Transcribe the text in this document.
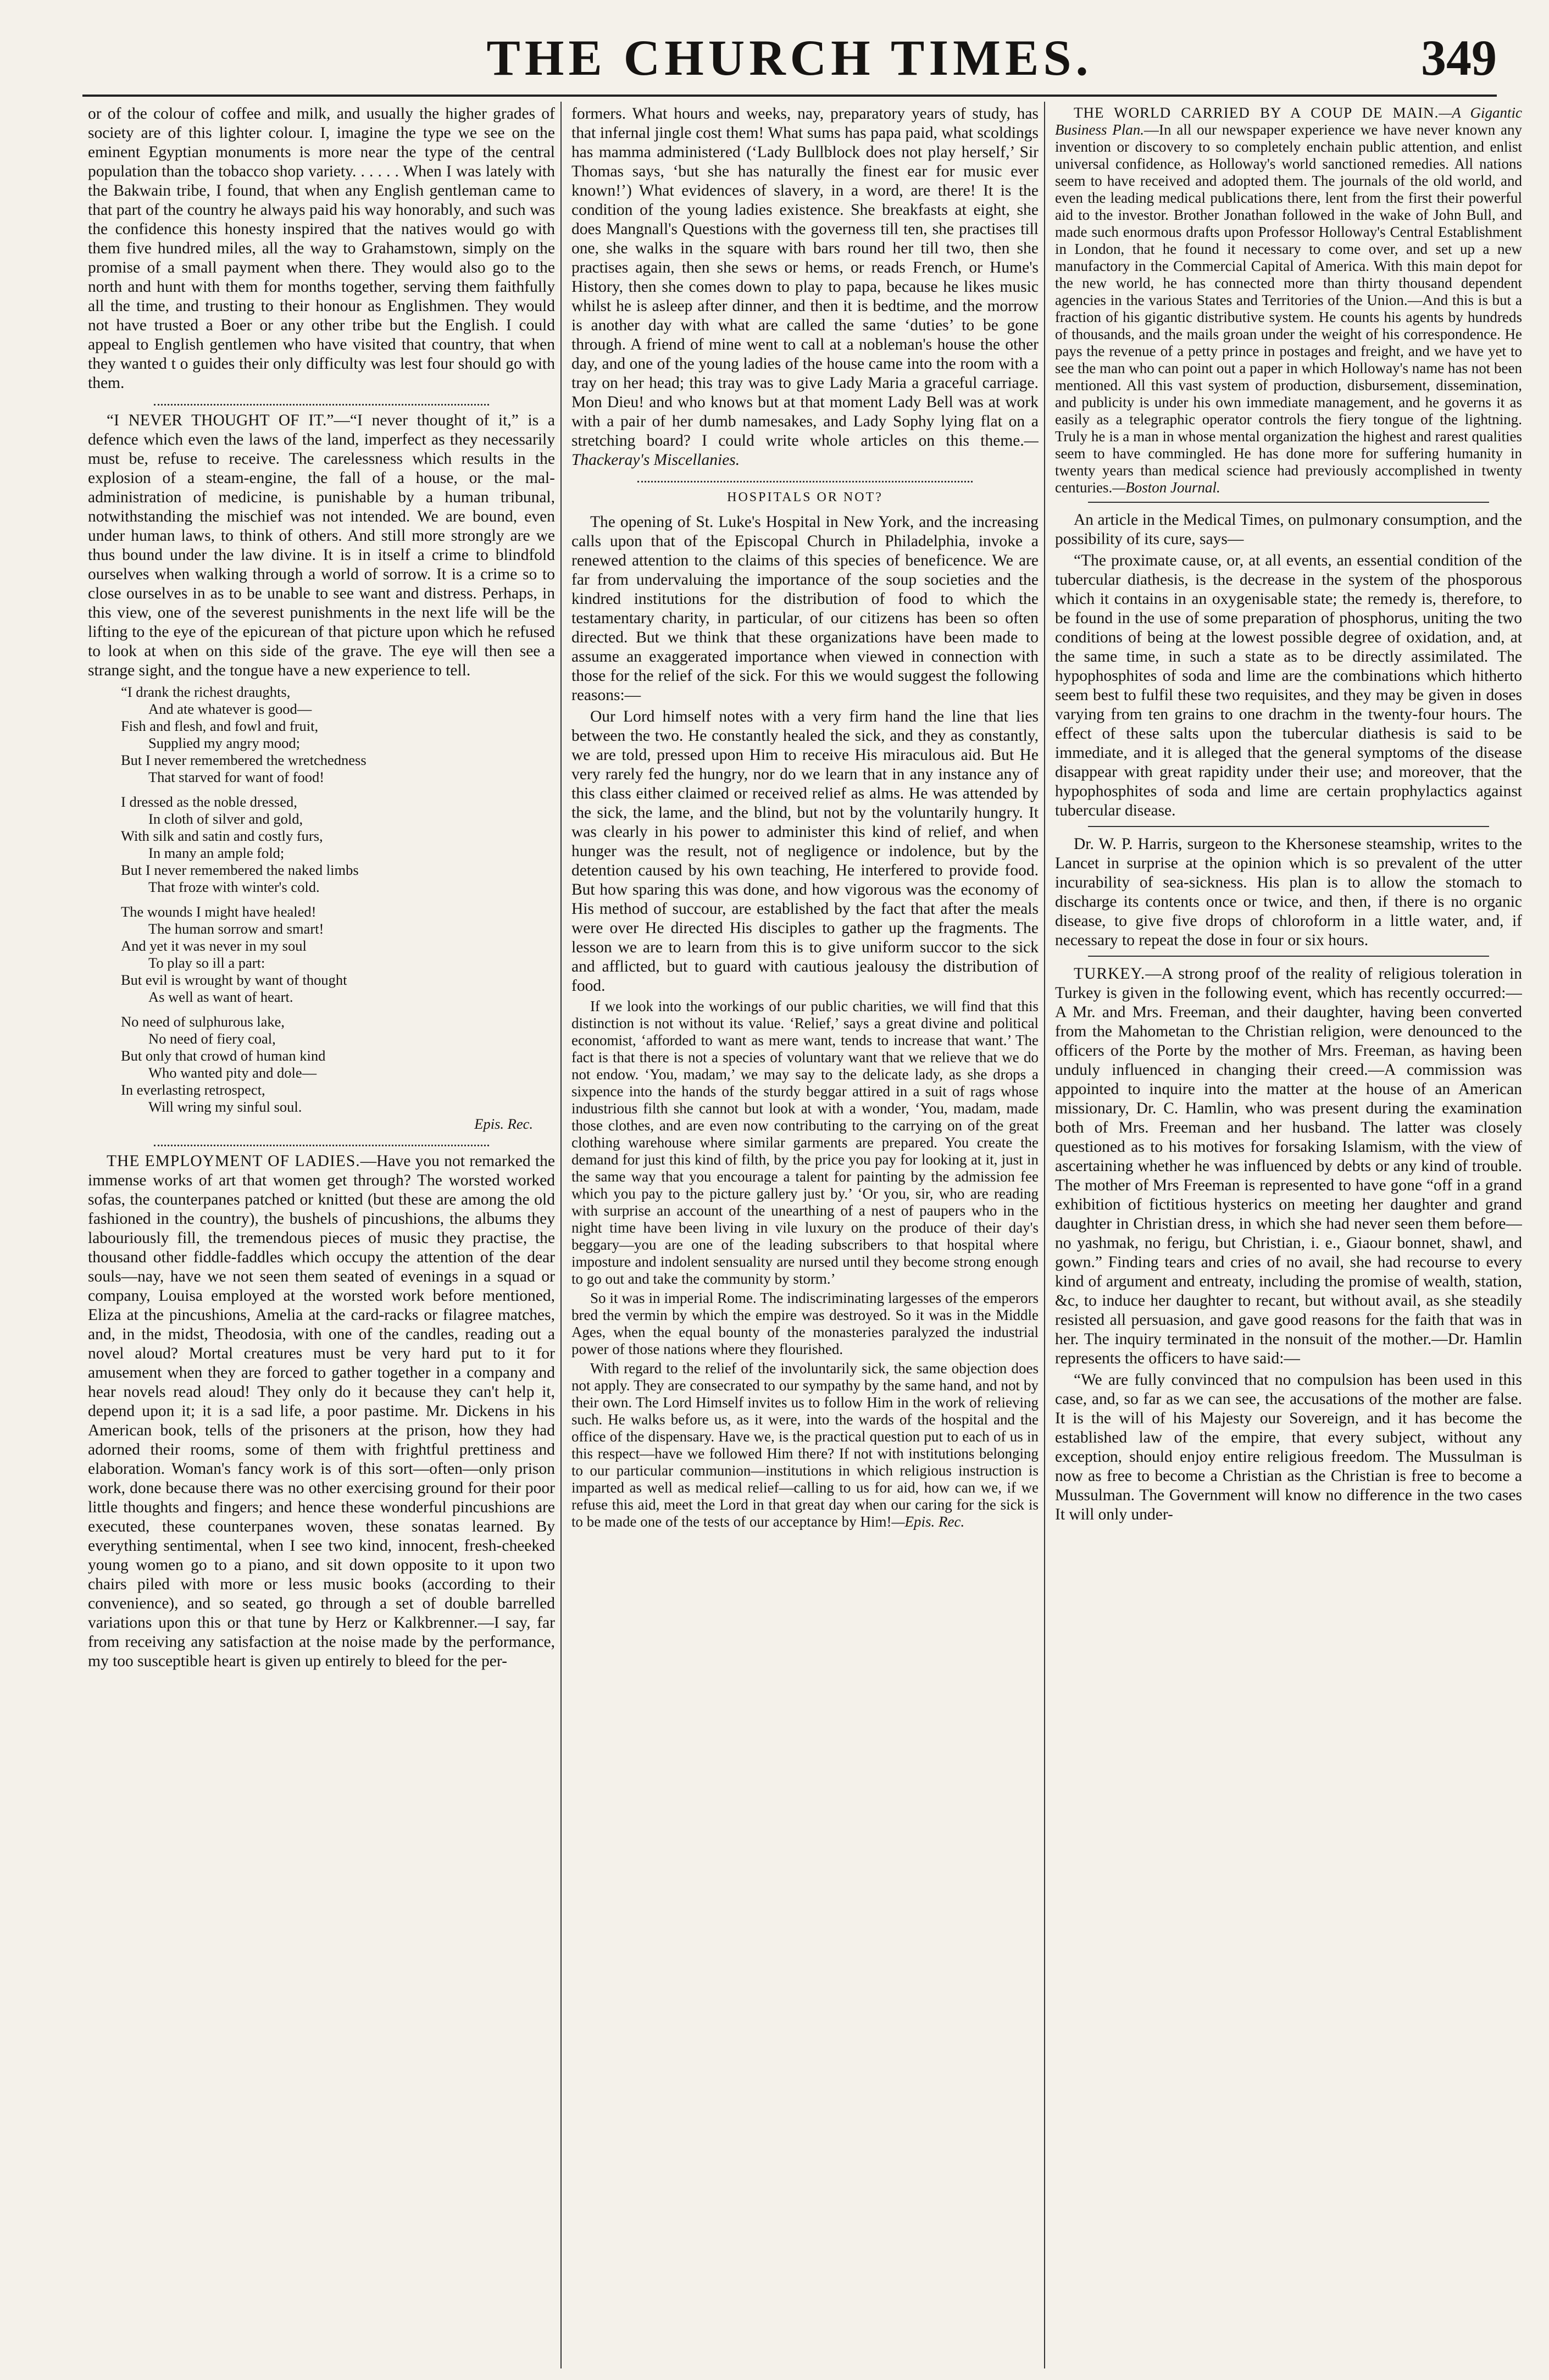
THE CHURCH TIMES.	349

or of the colour of coffee and milk, and usually the higher grades of society are of this lighter colour. I, imagine the type we see on the eminent Egyptian monuments is more near the type of the central population than the tobacco shop variety. . . . . . When I was lately with the Bakwain tribe, I found, that when any English gentleman came to that part of the country he always paid his way honorably, and such was the confidence this honesty inspired that the natives would go with them five hundred miles, all the way to Grahamstown, simply on the promise of a small payment when there. They would also go to the north and hunt with them for months together, serving them faithfully all the time, and trusting to their honour as Englishmen. They would not have trusted a Boer or any other tribe but the English. I could appeal to English gentlemen who have visited that country, that when they wanted t o guides their only difficulty was lest four should go with them.

“I NEVER THOUGHT OF IT.”—“I never thought of it,” is a defence which even the laws of the land, imperfect as they necessarily must be, refuse to receive. The carelessness which results in the explosion of a steam-engine, the fall of a house, or the mal-administration of medicine, is punishable by a human tribunal, notwithstanding the mischief was not intended. We are bound, even under human laws, to think of others. And still more strongly are we thus bound under the law divine. It is in itself a crime to blindfold ourselves when walking through a world of sorrow. It is a crime so to close ourselves in as to be unable to see want and distress. Perhaps, in this view, one of the severest punishments in the next life will be the lifting to the eye of the epicurean of that picture upon which he refused to look at when on this side of the grave. The eye will then see a strange sight, and the tongue have a new experience to tell.

“I drank the richest draughts,
And ate whatever is good—
Fish and flesh, and fowl and fruit,
Supplied my angry mood;
But I never remembered the wretchedness
That starved for want of food!
I dressed as the noble dressed,
In cloth of silver and gold,
With silk and satin and costly furs,
In many an ample fold;
But I never remembered the naked limbs
That froze with winter's cold.
The wounds I might have healed!
The human sorrow and smart!
And yet it was never in my soul
To play so ill a part:
But evil is wrought by want of thought
As well as want of heart.
No need of sulphurous lake,
No need of fiery coal,
But only that crowd of human kind
Who wanted pity and dole—
In everlasting retrospect,
Will wring my sinful soul.
Epis. Rec.

THE EMPLOYMENT OF LADIES.—Have you not remarked the immense works of art that women get through? The worsted worked sofas, the counterpanes patched or knitted (but these are among the old fashioned in the country), the bushels of pincushions, the albums they labouriously fill, the tremendous pieces of music they practise, the thousand other fiddle-faddles which occupy the attention of the dear souls—nay, have we not seen them seated of evenings in a squad or company, Louisa employed at the worsted work before mentioned, Eliza at the pincushions, Amelia at the card-racks or filagree matches, and, in the midst, Theodosia, with one of the candles, reading out a novel aloud? Mortal creatures must be very hard put to it for amusement when they are forced to gather together in a company and hear novels read aloud! They only do it because they can't help it, depend upon it; it is a sad life, a poor pastime. Mr. Dickens in his American book, tells of the prisoners at the prison, how they had adorned their rooms, some of them with frightful prettiness and elaboration. Woman's fancy work is of this sort—often—only prison work, done because there was no other exercising ground for their poor little thoughts and fingers; and hence these wonderful pincushions are executed, these counterpanes woven, these sonatas learned. By everything sentimental, when I see two kind, innocent, fresh-cheeked young women go to a piano, and sit down opposite to it upon two chairs piled with more or less music books (according to their convenience), and so seated, go through a set of double barrelled variations upon this or that tune by Herz or Kalkbrenner.—I say, far from receiving any satisfaction at the noise made by the performance, my too susceptible heart is given up entirely to bleed for the per-

formers. What hours and weeks, nay, preparatory years of study, has that infernal jingle cost them! What sums has papa paid, what scoldings has mamma administered (‘Lady Bullblock does not play herself,’ Sir Thomas says, ‘but she has naturally the finest ear for music ever known!’) What evidences of slavery, in a word, are there! It is the condition of the young ladies existence. She breakfasts at eight, she does Mangnall's Questions with the governess till ten, she practises till one, she walks in the square with bars round her till two, then she practises again, then she sews or hems, or reads French, or Hume's History, then she comes down to play to papa, because he likes music whilst he is asleep after dinner, and then it is bedtime, and the morrow is another day with what are called the same ‘duties’ to be gone through. A friend of mine went to call at a nobleman's house the other day, and one of the young ladies of the house came into the room with a tray on her head; this tray was to give Lady Maria a graceful carriage. Mon Dieu! and who knows but at that moment Lady Bell was at work with a pair of her dumb namesakes, and Lady Sophy lying flat on a stretching board? I could write whole articles on this theme.—Thackeray's Miscellanies.

HOSPITALS OR NOT?

The opening of St. Luke's Hospital in New York, and the increasing calls upon that of the Episcopal Church in Philadelphia, invoke a renewed attention to the claims of this species of beneficence. We are far from undervaluing the importance of the soup societies and the kindred institutions for the distribution of food to which the testamentary charity, in particular, of our citizens has been so often directed. But we think that these organizations have been made to assume an exaggerated importance when viewed in connection with those for the relief of the sick. For this we would suggest the following reasons:—

Our Lord himself notes with a very firm hand the line that lies between the two. He constantly healed the sick, and they as constantly, we are told, pressed upon Him to receive His miraculous aid. But He very rarely fed the hungry, nor do we learn that in any instance any of this class either claimed or received relief as alms. He was attended by the sick, the lame, and the blind, but not by the voluntarily hungry. It was clearly in his power to administer this kind of relief, and when hunger was the result, not of negligence or indolence, but by the detention caused by his own teaching, He interfered to provide food. But how sparing this was done, and how vigorous was the economy of His method of succour, are established by the fact that after the meals were over He directed His disciples to gather up the fragments. The lesson we are to learn from this is to give uniform succor to the sick and afflicted, but to guard with cautious jealousy the distribution of food.

If we look into the workings of our public charities, we will find that this distinction is not without its value. ‘Relief,’ says a great divine and political economist, ‘afforded to want as mere want, tends to increase that want.’ The fact is that there is not a species of voluntary want that we relieve that we do not endow. ‘You, madam,’ we may say to the delicate lady, as she drops a sixpence into the hands of the sturdy beggar attired in a suit of rags whose industrious filth she cannot but look at with a wonder, ‘You, madam, made those clothes, and are even now contributing to the carrying on of the great clothing warehouse where similar garments are prepared. You create the demand for just this kind of filth, by the price you pay for looking at it, just in the same way that you encourage a talent for painting by the admission fee which you pay to the picture gallery just by.’ ‘Or you, sir, who are reading with surprise an account of the unearthing of a nest of paupers who in the night time have been living in vile luxury on the produce of their day's beggary—you are one of the leading subscribers to that hospital where imposture and indolent sensuality are nursed until they become strong enough to go out and take the community by storm.’

So it was in imperial Rome. The indiscriminating largesses of the emperors bred the vermin by which the empire was destroyed. So it was in the Middle Ages, when the equal bounty of the monasteries paralyzed the industrial power of those nations where they flourished.

With regard to the relief of the involuntarily sick, the same objection does not apply. They are consecrated to our sympathy by the same hand, and not by their own. The Lord Himself invites us to follow Him in the work of relieving such. He walks before us, as it were, into the wards of the hospital and the office of the dispensary. Have we, is the practical question put to each of us in this respect—have we followed Him there? If not with institutions belonging to our particular communion—institutions in which religious instruction is imparted as well as medical relief—calling to us for aid, how can we, if we refuse this aid, meet the Lord in that great day when our caring for the sick is to be made one of the tests of our acceptance by Him!—Epis. Rec.

THE WORLD CARRIED BY A COUP DE MAIN.—A Gigantic Business Plan.—In all our newspaper experience we have never known any invention or discovery to so completely enchain public attention, and enlist universal confidence, as Holloway's world sanctioned remedies. All nations seem to have received and adopted them. The journals of the old world, and even the leading medical publications there, lent from the first their powerful aid to the investor. Brother Jonathan followed in the wake of John Bull, and made such enormous drafts upon Professor Holloway's Central Establishment in London, that he found it necessary to come over, and set up a new manufactory in the Commercial Capital of America. With this main depot for the new world, he has connected more than thirty thousand dependent agencies in the various States and Territories of the Union.—And this is but a fraction of his gigantic distributive system. He counts his agents by hundreds of thousands, and the mails groan under the weight of his correspondence. He pays the revenue of a petty prince in postages and freight, and we have yet to see the man who can point out a paper in which Holloway's name has not been mentioned. All this vast system of production, disbursement, dissemination, and publicity is under his own immediate management, and he governs it as easily as a telegraphic operator controls the fiery tongue of the lightning. Truly he is a man in whose mental organization the highest and rarest qualities seem to have commingled. He has done more for suffering humanity in twenty years than medical science had previously accomplished in twenty centuries.—Boston Journal.

An article in the Medical Times, on pulmonary consumption, and the possibility of its cure, says—

“The proximate cause, or, at all events, an essential condition of the tubercular diathesis, is the decrease in the system of the phosporous which it contains in an oxygenisable state; the remedy is, therefore, to be found in the use of some preparation of phosphorus, uniting the two conditions of being at the lowest possible degree of oxidation, and, at the same time, in such a state as to be directly assimilated. The hypophosphites of soda and lime are the combinations which hitherto seem best to fulfil these two requisites, and they may be given in doses varying from ten grains to one drachm in the twenty-four hours. The effect of these salts upon the tubercular diathesis is said to be immediate, and it is alleged that the general symptoms of the disease disappear with great rapidity under their use; and moreover, that the hypophosphites of soda and lime are certain prophylactics against tubercular disease.

Dr. W. P. Harris, surgeon to the Khersonese steamship, writes to the Lancet in surprise at the opinion which is so prevalent of the utter incurability of sea-sickness. His plan is to allow the stomach to discharge its contents once or twice, and then, if there is no organic disease, to give five drops of chloroform in a little water, and, if necessary to repeat the dose in four or six hours.

TURKEY.—A strong proof of the reality of religious toleration in Turkey is given in the following event, which has recently occurred:—A Mr. and Mrs. Freeman, and their daughter, having been converted from the Mahometan to the Christian religion, were denounced to the officers of the Porte by the mother of Mrs. Freeman, as having been unduly influenced in changing their creed.—A commission was appointed to inquire into the matter at the house of an American missionary, Dr. C. Hamlin, who was present during the examination both of Mrs. Freeman and her husband. The latter was closely questioned as to his motives for forsaking Islamism, with the view of ascertaining whether he was influenced by debts or any kind of trouble. The mother of Mrs Freeman is represented to have gone “off in a grand exhibition of fictitious hysterics on meeting her daughter and grand daughter in Christian dress, in which she had never seen them before—no yashmak, no ferigu, but Christian, i. e., Giaour bonnet, shawl, and gown.” Finding tears and cries of no avail, she had recourse to every kind of argument and entreaty, including the promise of wealth, station, &c, to induce her daughter to recant, but without avail, as she steadily resisted all persuasion, and gave good reasons for the faith that was in her. The inquiry terminated in the nonsuit of the mother.—Dr. Hamlin represents the officers to have said:—

“We are fully convinced that no compulsion has been used in this case, and, so far as we can see, the accusations of the mother are false. It is the will of his Majesty our Sovereign, and it has become the established law of the empire, that every subject, without any exception, should enjoy entire religious freedom. The Mussulman is now as free to become a Christian as the Christian is free to become a Mussulman. The Government will know no difference in the two cases It will only under-
